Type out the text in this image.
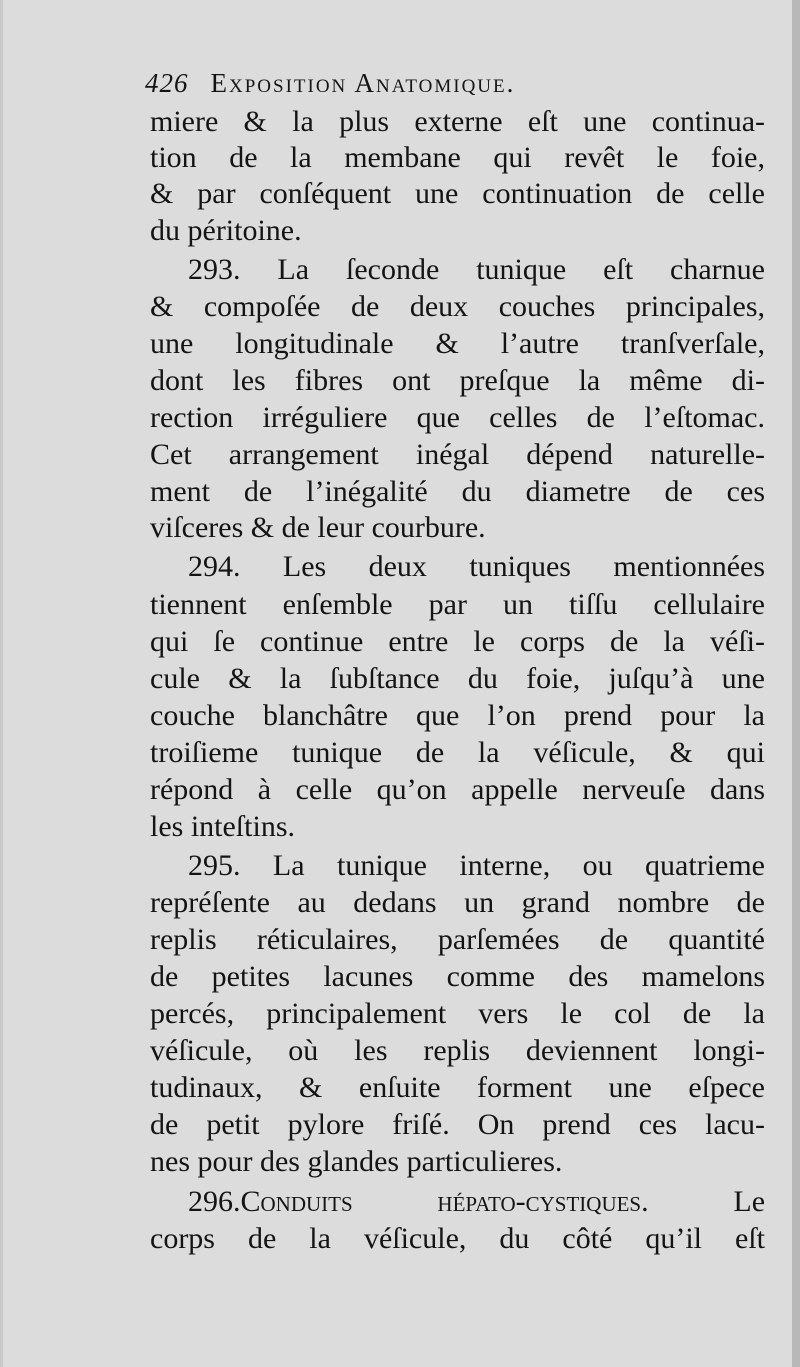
426 Exposition Anatomique.
miere & la plus externe eſt une continua-
tion de la membane qui revêt le foie,
& par conſéquent une continuation de celle
du péritoine.
293. La ſeconde tunique eſt charnue
& compoſée de deux couches principales,
une longitudinale & l’autre tranſverſale,
dont les fibres ont preſque la même di-
rection irréguliere que celles de l’eſtomac.
Cet arrangement inégal dépend naturelle-
ment de l’inégalité du diametre de ces
viſceres & de leur courbure.
294. Les deux tuniques mentionnées
tiennent enſemble par un tiſſu cellulaire
qui ſe continue entre le corps de la véſi-
cule & la ſubſtance du foie, juſqu’à une
couche blanchâtre que l’on prend pour la
troiſieme tunique de la véſicule, & qui
répond à celle qu’on appelle nerveuſe dans
les inteſtins.
295. La tunique interne, ou quatrieme
repréſente au dedans un grand nombre de
replis réticulaires, parſemées de quantité
de petites lacunes comme des mamelons
percés, principalement vers le col de la
véſicule, où les replis deviennent longi-
tudinaux, & enſuite forment une eſpece
de petit pylore friſé. On prend ces lacu-
nes pour des glandes particulieres.
296.Conduits hépato-cystiques.	Le
corps de la véſicule, du côté qu’il eſt
